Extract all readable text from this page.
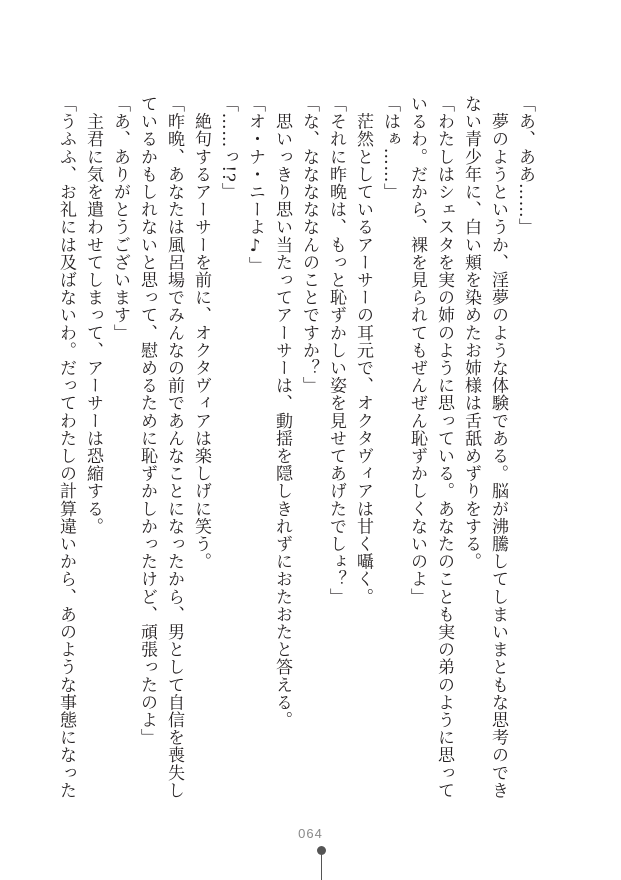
「あ、ああ……」

　夢のようというか、淫夢のような体験である。脳が沸騰してしまいまともな思考のでき

ない青少年に、白い頬を染めたお姉様は舌舐めずりをする。

「わたしはシェスタを実の姉のように思っている。あなたのことも実の弟のように思って

いるわ。だから、裸を見られてもぜんぜん恥ずかしくないのよ」

「はぁ……」

　茫然としているアーサーの耳元で、オクタヴィアは甘く囁く。

「それに昨晩は、もっと恥ずかしい姿を見せてあげたでしょ？」

「な、なななななんのことですか？」

　思いっきり思い当たってアーサーは、動揺を隠しきれずにおたおたと答える。

「オ・ナ・ニーよ♪」

「……っ!?」

　絶句するアーサーを前に、オクタヴィアは楽しげに笑う。

「昨晩、あなたは風呂場でみんなの前であんなことになったから、男として自信を喪失し

ているかもしれないと思って、慰めるために恥ずかしかったけど、頑張ったのよ」

「あ、ありがとうございます」

　主君に気を遣わせてしまって、アーサーは恐縮する。

「うふふ、お礼には及ばないわ。だってわたしの計算違いから、あのような事態になった

064
